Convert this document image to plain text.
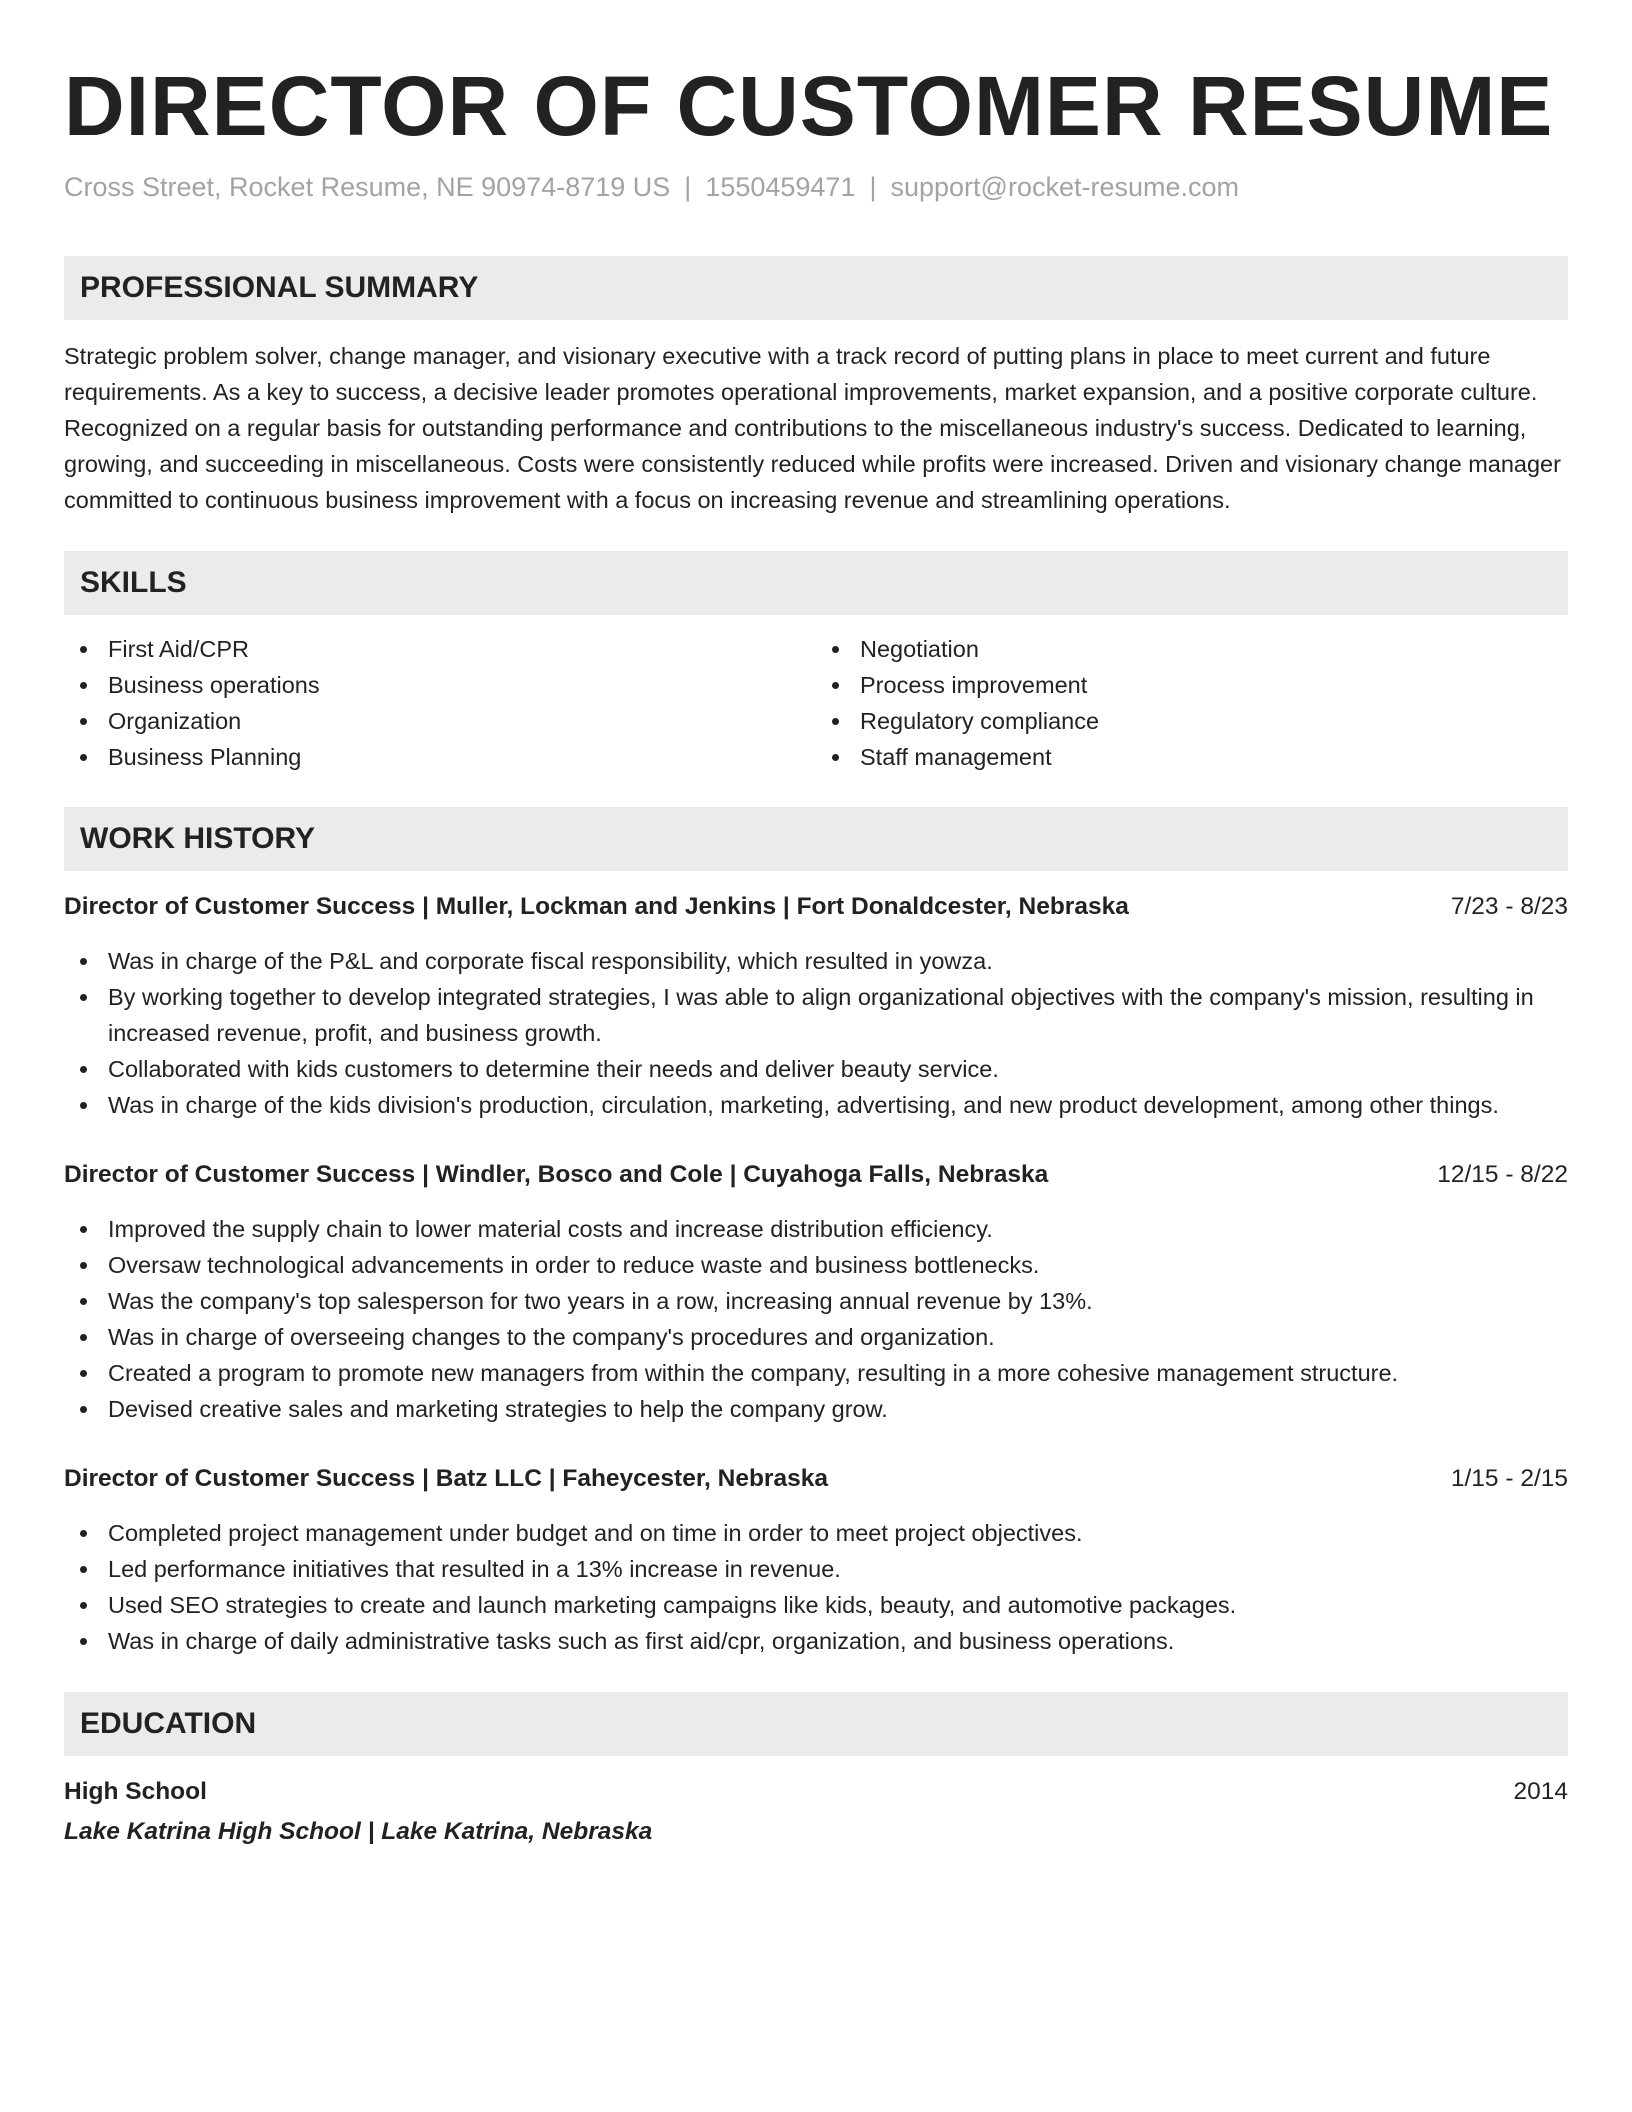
DIRECTOR OF CUSTOMER RESUME
Cross Street, Rocket Resume, NE 90974-8719 US | 1550459471 | support@rocket-resume.com
PROFESSIONAL SUMMARY

Strategic problem solver, change manager, and visionary executive with a track record of putting plans in place to meet current and future requirements. As a key to success, a decisive leader promotes operational improvements, market expansion, and a positive corporate culture. Recognized on a regular basis for outstanding performance and contributions to the miscellaneous industry's success. Dedicated to learning, growing, and succeeding in miscellaneous. Costs were consistently reduced while profits were increased. Driven and visionary change manager committed to continuous business improvement with a focus on increasing revenue and streamlining operations.

SKILLS
First Aid/CPR
Business operations
Organization
Business Planning
Negotiation
Process improvement
Regulatory compliance
Staff management
WORK HISTORY
Director of Customer Success | Muller, Lockman and Jenkins | Fort Donaldcester, Nebraska	7/23 - 8/23
Was in charge of the P&L and corporate fiscal responsibility, which resulted in yowza.
By working together to develop integrated strategies, I was able to align organizational objectives with the company's mission, resulting in increased revenue, profit, and business growth.
Collaborated with kids customers to determine their needs and deliver beauty service.
Was in charge of the kids division's production, circulation, marketing, advertising, and new product development, among other things.
Director of Customer Success | Windler, Bosco and Cole | Cuyahoga Falls, Nebraska	12/15 - 8/22
Improved the supply chain to lower material costs and increase distribution efficiency.
Oversaw technological advancements in order to reduce waste and business bottlenecks.
Was the company's top salesperson for two years in a row, increasing annual revenue by 13%.
Was in charge of overseeing changes to the company's procedures and organization.
Created a program to promote new managers from within the company, resulting in a more cohesive management structure.
Devised creative sales and marketing strategies to help the company grow.
Director of Customer Success | Batz LLC | Faheycester, Nebraska	1/15 - 2/15
Completed project management under budget and on time in order to meet project objectives.
Led performance initiatives that resulted in a 13% increase in revenue.
Used SEO strategies to create and launch marketing campaigns like kids, beauty, and automotive packages.
Was in charge of daily administrative tasks such as first aid/cpr, organization, and business operations.
EDUCATION
High School	2014
Lake Katrina High School | Lake Katrina, Nebraska
